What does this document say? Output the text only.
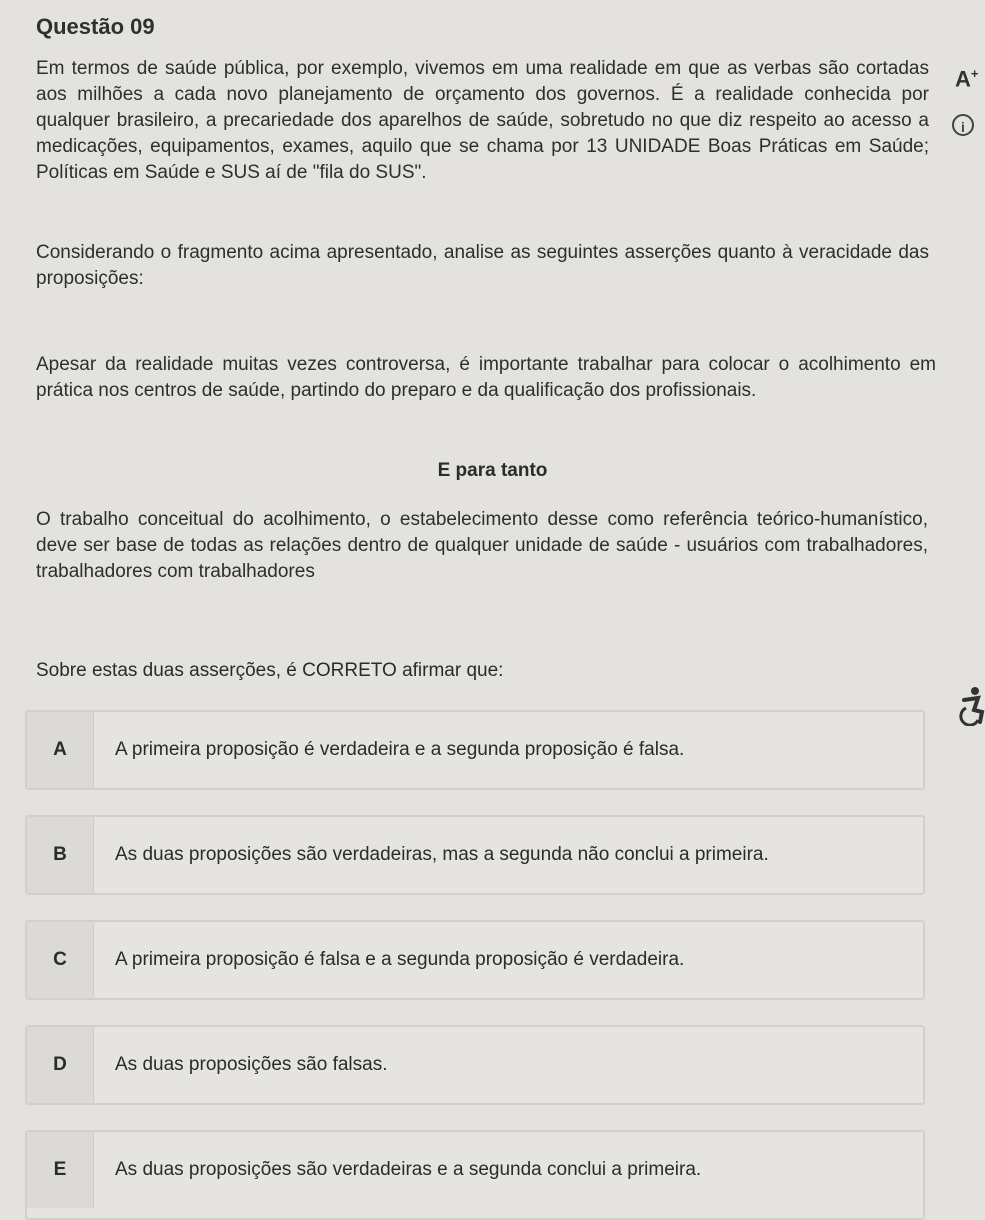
Questão 09
A+
i
Em termos de saúde pública, por exemplo, vivemos em uma realidade em que as verbas são cortadas aos milhões a cada novo planejamento de orçamento dos governos. É a realidade conhecida por qualquer brasileiro, a precariedade dos aparelhos de saúde, sobretudo no que diz respeito ao acesso a medicações, equipamentos, exames, aquilo que se chama por 13 UNIDADE Boas Práticas em Saúde; Políticas em Saúde e SUS aí de "fila do SUS".
Considerando o fragmento acima apresentado, analise as seguintes asserções quanto à veracidade das proposições:
Apesar da realidade muitas vezes controversa, é importante trabalhar para colocar o acolhimento em prática nos centros de saúde, partindo do preparo e da qualificação dos profissionais.
E para tanto
O trabalho conceitual do acolhimento, o estabelecimento desse como referência teórico-humanístico, deve ser base de todas as relações dentro de qualquer unidade de saúde - usuários com trabalhadores, trabalhadores com trabalhadores
Sobre estas duas asserções, é CORRETO afirmar que:
A	A primeira proposição é verdadeira e a segunda proposição é falsa.
B	As duas proposições são verdadeiras, mas a segunda não conclui a primeira.
C	A primeira proposição é falsa e a segunda proposição é verdadeira.
D	As duas proposições são falsas.
E	As duas proposições são verdadeiras e a segunda conclui a primeira.
